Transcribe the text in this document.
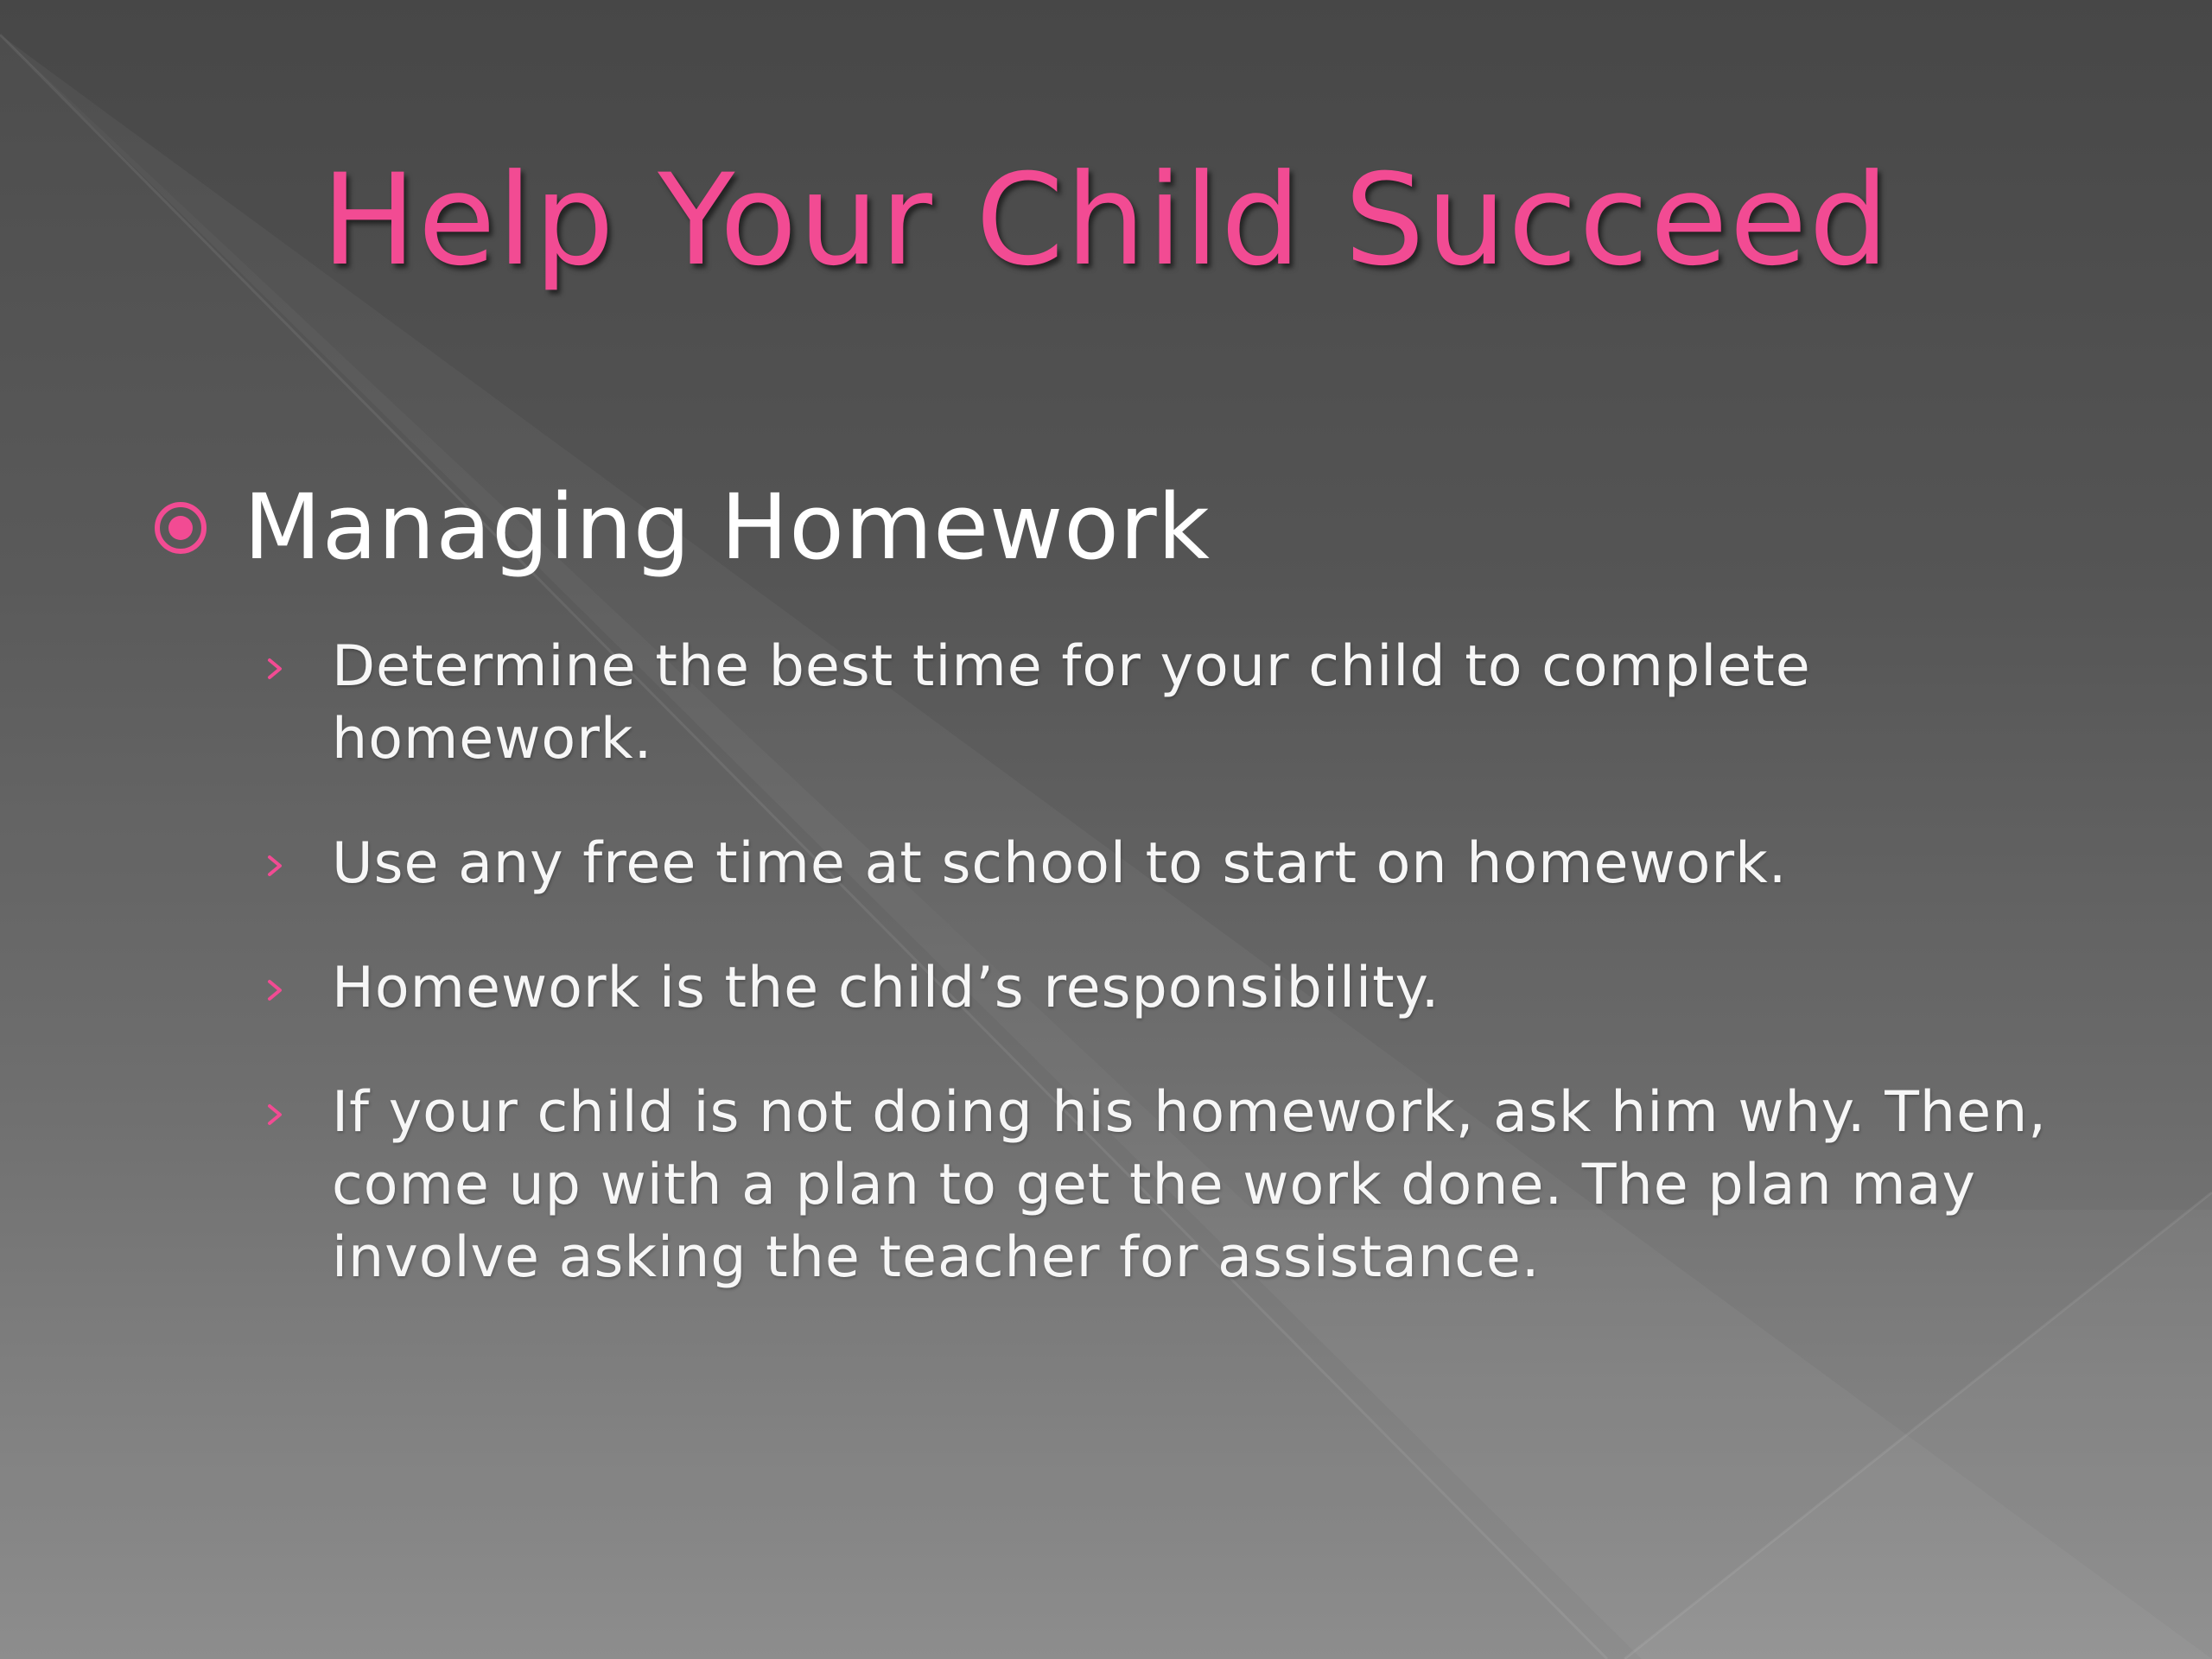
Help Your Child Succeed
Managing Homework
Determine the best time for your child to complete homework.
Use any free time at school to start on homework.
Homework is the child’s responsibility.
If your child is not doing his homework, ask him why. Then, come up with a plan to get the work done. The plan may involve asking the teacher for assistance.
